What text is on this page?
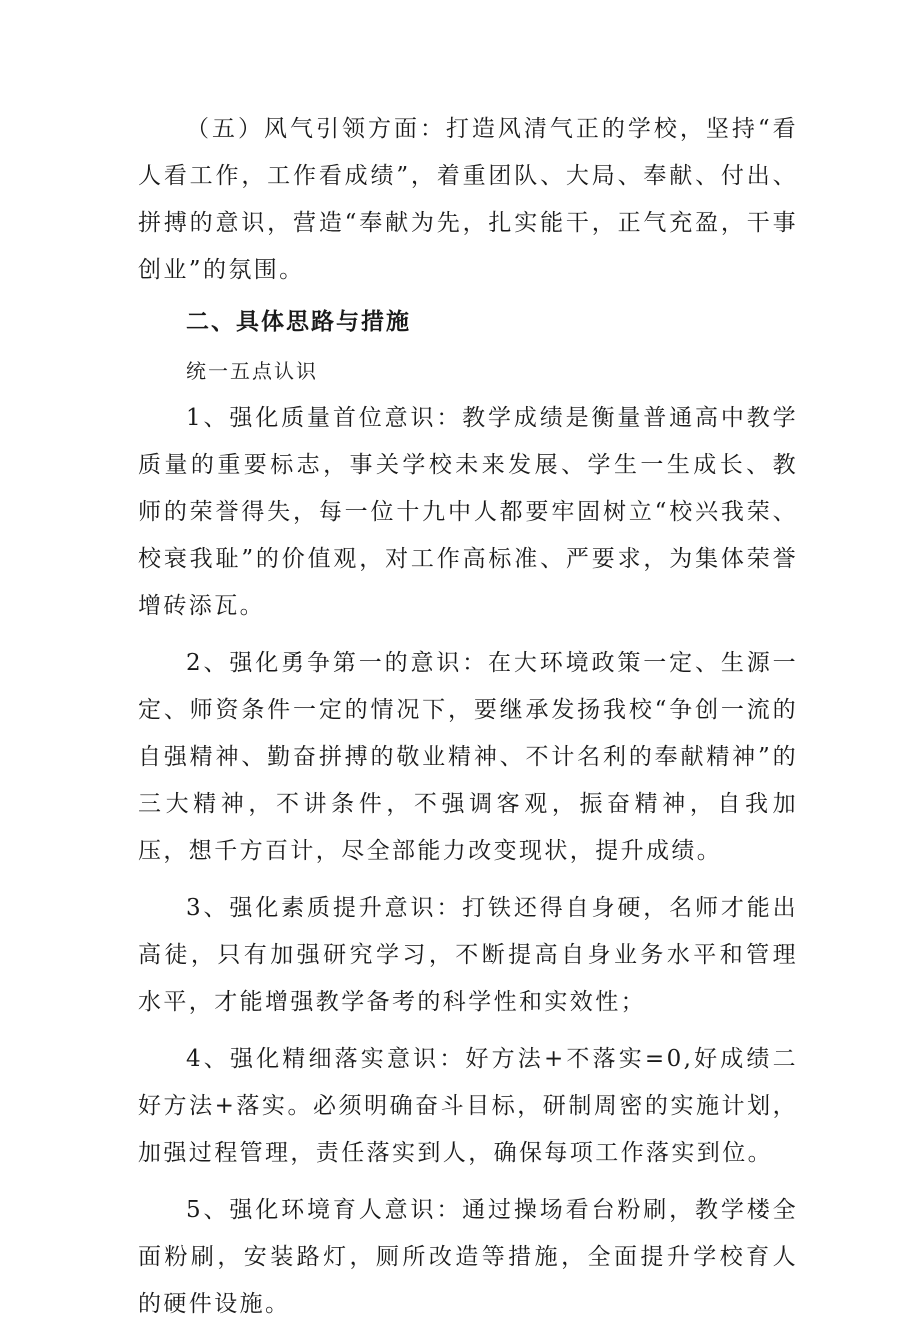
（五）风气引领方面：打造风清气正的学校，坚持“看人看工作，工作看成绩”，着重团队、大局、奉献、付出、拼搏的意识，营造“奉献为先，扎实能干，正气充盈，干事创业”的氛围。

二、具体思路与措施

统一五点认识

1、强化质量首位意识：教学成绩是衡量普通高中教学质量的重要标志，事关学校未来发展、学生一生成长、教师的荣誉得失，每一位十九中人都要牢固树立“校兴我荣、校衰我耻”的价值观，对工作高标准、严要求，为集体荣誉增砖添瓦。

2、强化勇争第一的意识：在大环境政策一定、生源一定、师资条件一定的情况下，要继承发扬我校“争创一流的自强精神、勤奋拼搏的敬业精神、不计名利的奉献精神”的三大精神，不讲条件，不强调客观，振奋精神，自我加压，想千方百计，尽全部能力改变现状，提升成绩。

3、强化素质提升意识：打铁还得自身硬，名师才能出高徒，只有加强研究学习，不断提高自身业务水平和管理水平，才能增强教学备考的科学性和实效性；

4、强化精细落实意识：好方法+不落实=0,好成绩二好方法+落实。必须明确奋斗目标，研制周密的实施计划，加强过程管理，责任落实到人，确保每项工作落实到位。

5、强化环境育人意识：通过操场看台粉刷，教学楼全面粉刷，安装路灯，厕所改造等措施，全面提升学校育人的硬件设施。
